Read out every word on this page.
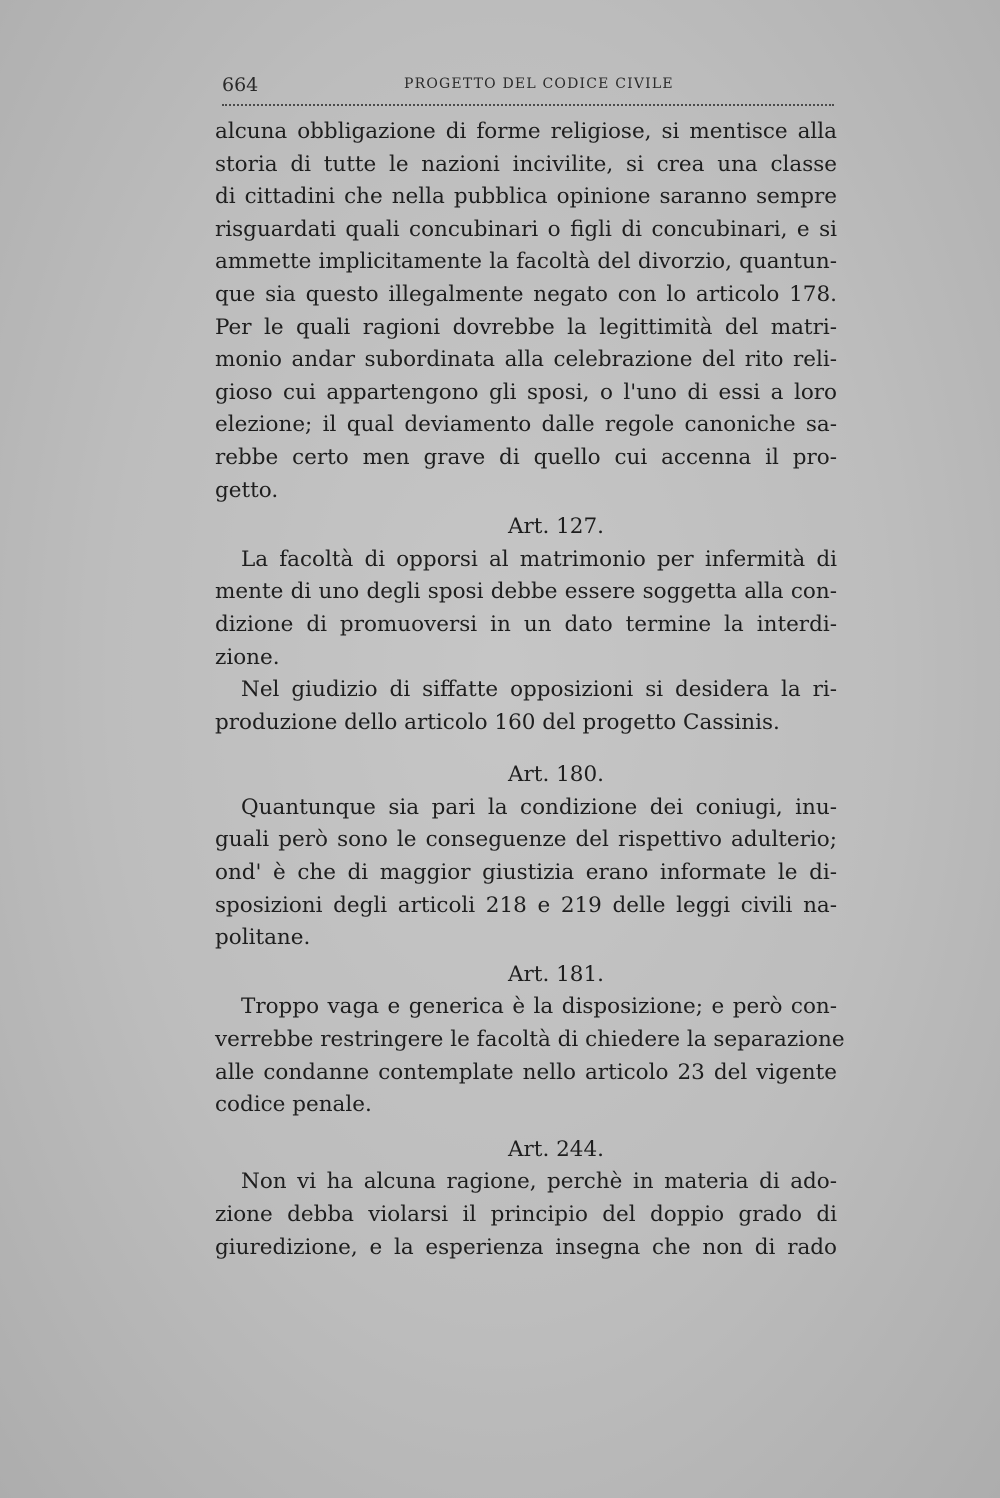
664	PROGETTO DEL CODICE CIVILE
alcuna obbligazione di forme religiose, si mentisce alla
storia di tutte le nazioni incivilite, si crea una classe
di cittadini che nella pubblica opinione saranno sempre
risguardati quali concubinari o figli di concubinari, e si
ammette implicitamente la facoltà del divorzio, quantun-
que sia questo illegalmente negato con lo articolo 178.
Per le quali ragioni dovrebbe la legittimità del matri-
monio andar subordinata alla celebrazione del rito reli-
gioso cui appartengono gli sposi, o l'uno di essi a loro
elezione; il qual deviamento dalle regole canoniche sa-
rebbe certo men grave di quello cui accenna il pro-
getto.
Art. 127.
La facoltà di opporsi al matrimonio per infermità di
mente di uno degli sposi debbe essere soggetta alla con-
dizione di promuoversi in un dato termine la interdi-
zione.
Nel giudizio di siffatte opposizioni si desidera la ri-
produzione dello articolo 160 del progetto Cassinis.
Art. 180.
Quantunque sia pari la condizione dei coniugi, inu-
guali però sono le conseguenze del rispettivo adulterio;
ond' è che di maggior giustizia erano informate le di-
sposizioni degli articoli 218 e 219 delle leggi civili na-
politane.
Art. 181.
Troppo vaga e generica è la disposizione; e però con-
verrebbe restringere le facoltà di chiedere la separazione
alle condanne contemplate nello articolo 23 del vigente
codice penale.
Art. 244.
Non vi ha alcuna ragione, perchè in materia di ado-
zione debba violarsi il principio del doppio grado di
giuredizione, e la esperienza insegna che non di rado
